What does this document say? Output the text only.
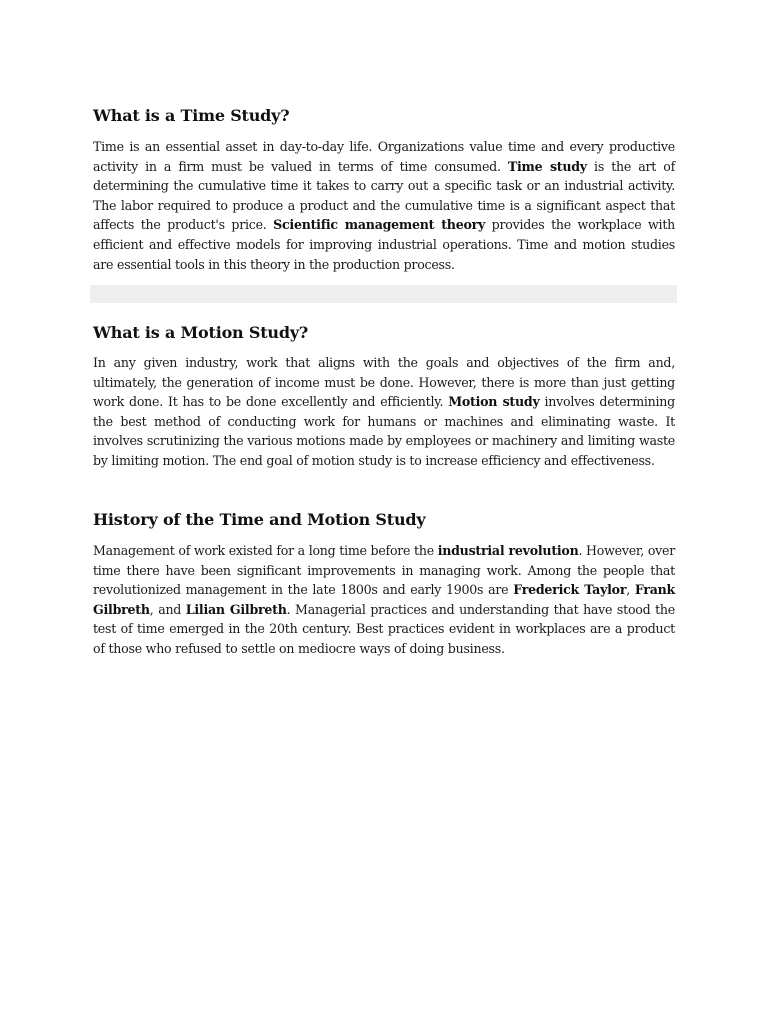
What is a Time Study?

Time is an essential asset in day-to-day life. Organizations value time and every productive activity in a firm must be valued in terms of time consumed. Time study is the art of determining the cumulative time it takes to carry out a specific task or an industrial activity. The labor required to produce a product and the cumulative time is a significant aspect that affects the product's price. Scientific management theory provides the workplace with efficient and effective models for improving industrial operations. Time and motion studies are essential tools in this theory in the production process.

What is a Motion Study?

In any given industry, work that aligns with the goals and objectives of the firm and, ultimately, the generation of income must be done. However, there is more than just getting work done. It has to be done excellently and efficiently. Motion study involves determining the best method of conducting work for humans or machines and eliminating waste. It involves scrutinizing the various motions made by employees or machinery and limiting waste by limiting motion. The end goal of motion study is to increase efficiency and effectiveness.

History of the Time and Motion Study

Management of work existed for a long time before the industrial revolution. However, over time there have been significant improvements in managing work. Among the people that revolutionized management in the late 1800s and early 1900s are Frederick Taylor, Frank Gilbreth, and Lilian Gilbreth. Managerial practices and understanding that have stood the test of time emerged in the 20th century. Best practices evident in workplaces are a product of those who refused to settle on mediocre ways of doing business.
